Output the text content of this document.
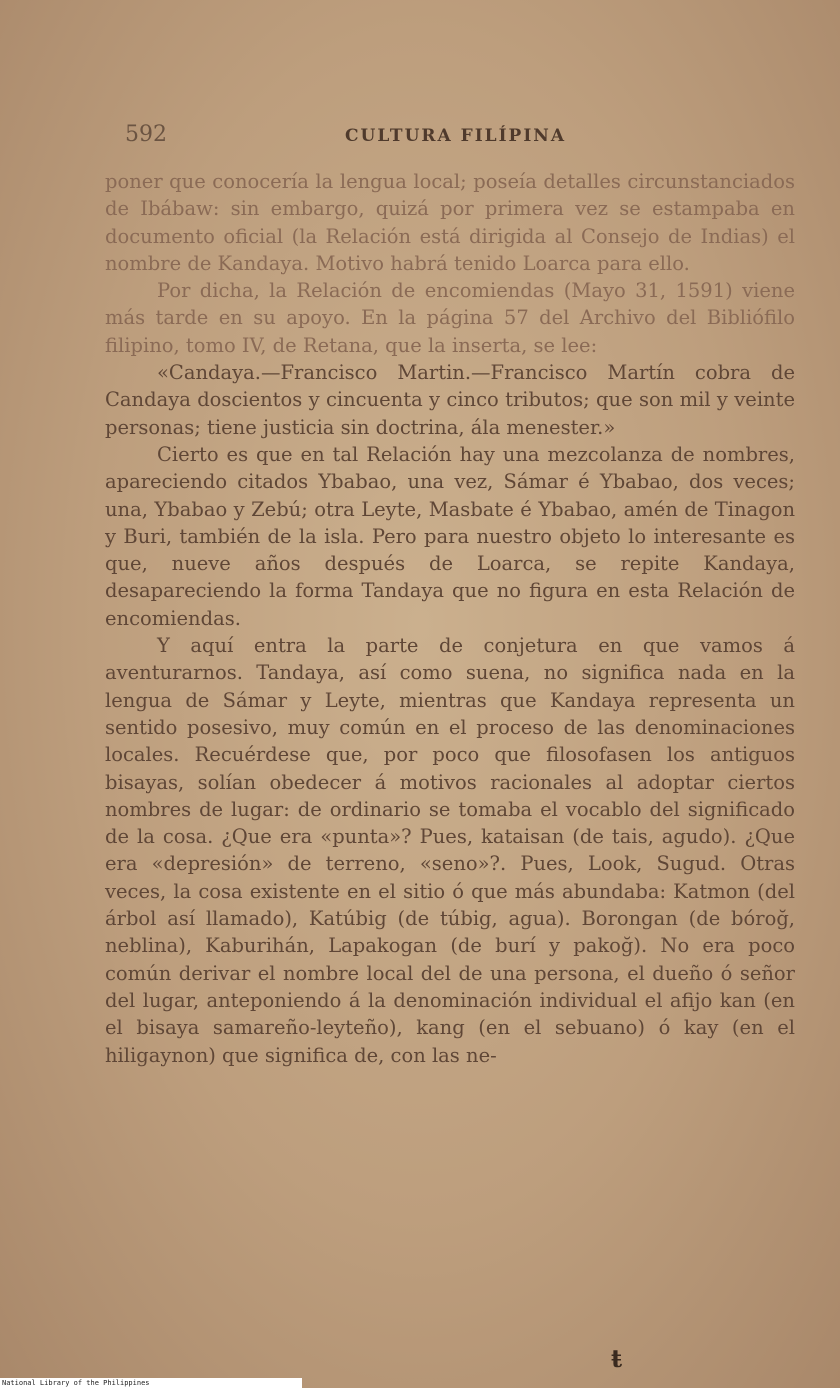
592	CULTURA FILÍPINA

poner que conocería la lengua local; poseía detalles circunstanciados de Ibábaw: sin embargo, quizá por primera vez se estampaba en documento oficial (la Relación está dirigida al Consejo de Indias) el nombre de Kandaya. Motivo habrá tenido Loarca para ello.

Por dicha, la Relación de encomiendas (Mayo 31, 1591) viene más tarde en su apoyo. En la página 57 del Archivo del Bibliófilo filipino, tomo IV, de Retana, que la inserta, se lee:

«Candaya.—Francisco Martin.—Francisco Martín cobra de Candaya doscientos y cincuenta y cinco tributos; que son mil y veinte personas; tiene justicia sin doctrina, ála menester.»

Cierto es que en tal Relación hay una mezcolanza de nombres, apareciendo citados Ybabao, una vez, Sámar é Ybabao, dos veces; una, Ybabao y Zebú; otra Leyte, Masbate é Ybabao, amén de Tinagon y Buri, también de la isla. Pero para nuestro objeto lo interesante es que, nueve años después de Loarca, se repite Kandaya, desapareciendo la forma Tandaya que no figura en esta Relación de encomiendas.

Y aquí entra la parte de conjetura en que vamos á aventurarnos. Tandaya, así como suena, no significa nada en la lengua de Sámar y Leyte, mientras que Kandaya representa un sentido posesivo, muy común en el proceso de las denominaciones locales. Recuérdese que, por poco que filosofasen los antiguos bisayas, solían obedecer á motivos racionales al adoptar ciertos nombres de lugar: de ordinario se tomaba el vocablo del significado de la cosa. ¿Que era «punta»? Pues, kataisan (de tais, agudo). ¿Que era «depresión» de terreno, «seno»?. Pues, Look, Sugud. Otras veces, la cosa existente en el sitio ó que más abundaba: Katmon (del árbol así llamado), Katúbig (de túbig, agua). Borongan (de bóroğ, neblina), Kaburihán, Lapakogan (de burí y pakoğ). No era poco común derivar el nombre local del de una persona, el dueño ó señor del lugar, anteponiendo á la denominación individual el afijo kan (en el bisaya samareño-leyteño), kang (en el sebuano) ó kay (en el hiligaynon) que significa de, con las ne-

ŧ
National Library of the Philippines
